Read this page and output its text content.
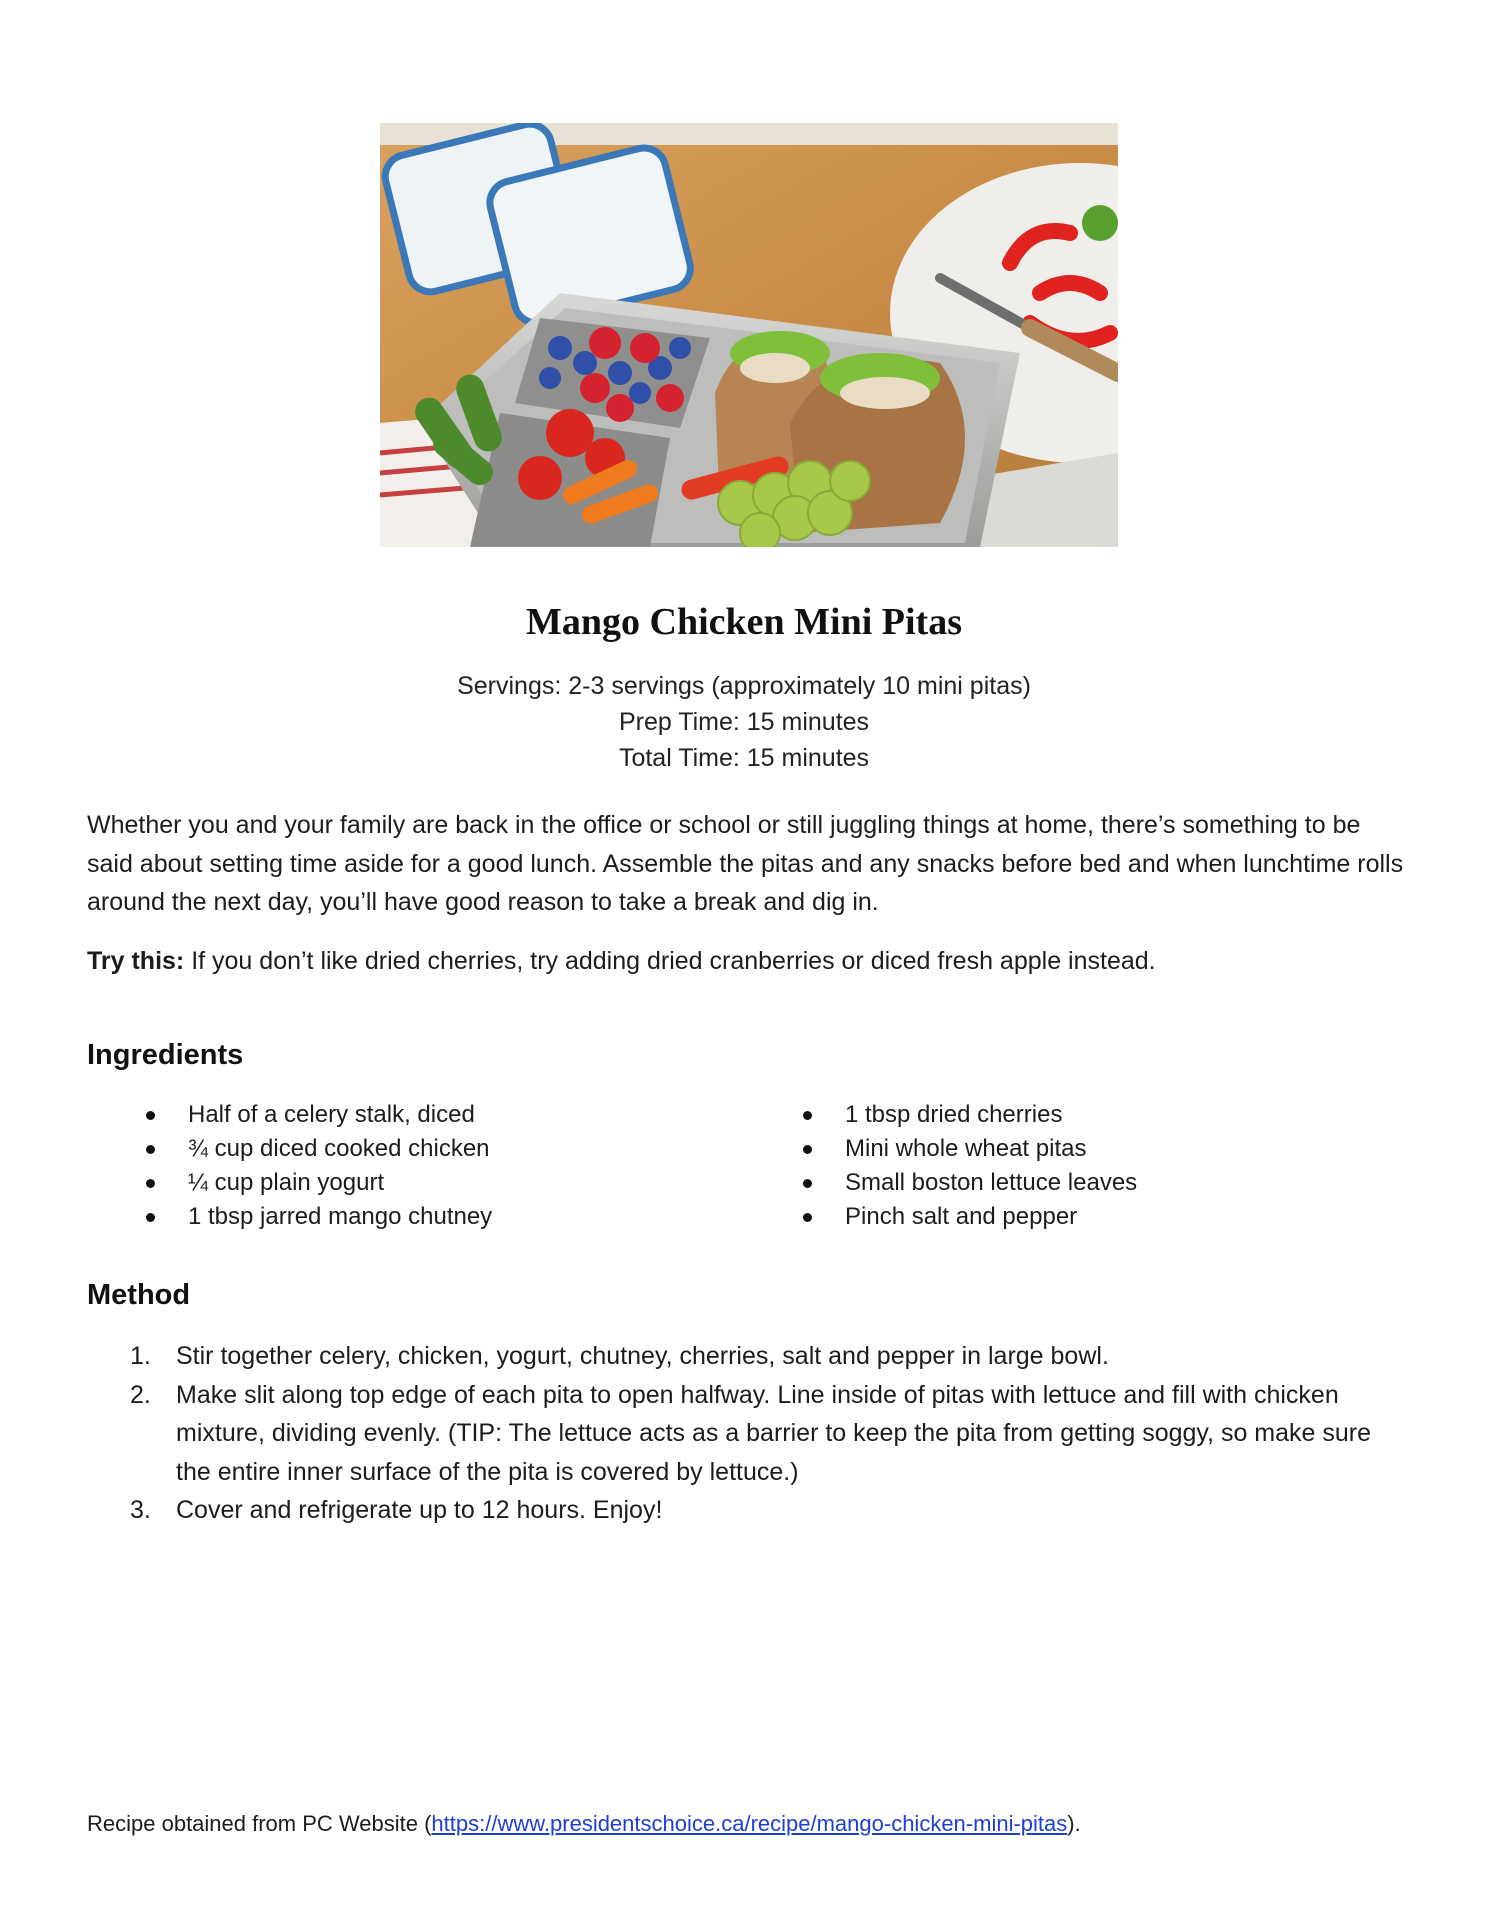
Mango Chicken Mini Pitas
Servings: 2-3 servings (approximately 10 mini pitas)
Prep Time: 15 minutes
Total Time: 15 minutes

Whether you and your family are back in the office or school or still juggling things at home, there’s something to be said about setting time aside for a good lunch. Assemble the pitas and any snacks before bed and when lunchtime rolls around the next day, you’ll have good reason to take a break and dig in.

Try this: If you don’t like dried cherries, try adding dried cranberries or diced fresh apple instead.

Ingredients
Half of a celery stalk, diced
¾ cup diced cooked chicken
¼ cup plain yogurt
1 tbsp jarred mango chutney
1 tbsp dried cherries
Mini whole wheat pitas
Small boston lettuce leaves
Pinch salt and pepper
Method
1. Stir together celery, chicken, yogurt, chutney, cherries, salt and pepper in large bowl.
2. Make slit along top edge of each pita to open halfway. Line inside of pitas with lettuce and fill with chicken mixture, dividing evenly. (TIP: The lettuce acts as a barrier to keep the pita from getting soggy, so make sure the entire inner surface of the pita is covered by lettuce.)
3. Cover and refrigerate up to 12 hours. Enjoy!
Recipe obtained from PC Website (https://www.presidentschoice.ca/recipe/mango-chicken-mini-pitas).
